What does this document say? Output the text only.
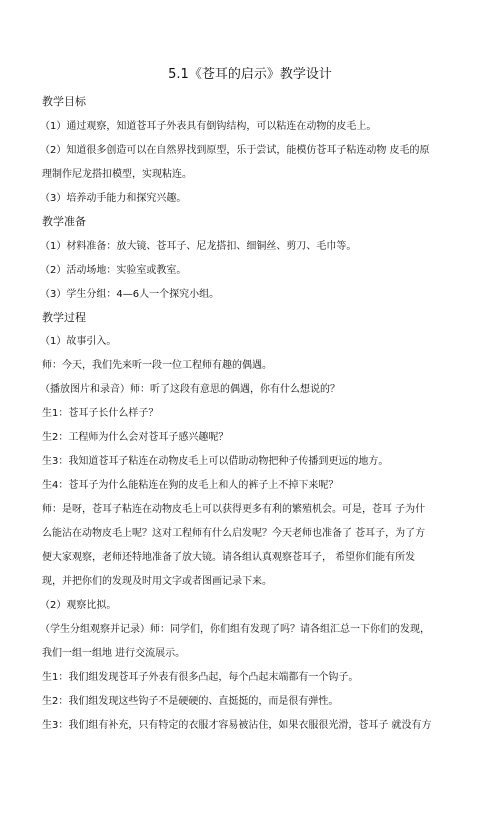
5.1《苍耳的启示》教学设计
教学目标
（1）通过观察，知道苍耳子外表具有倒钩结构，可以粘连在动物的皮毛上。
（2）知道很多创造可以在自然界找到原型，乐于尝试，能模仿苍耳子粘连动物 皮毛的原
理制作尼龙搭扣模型，实现粘连。
（3）培养动手能力和探究兴趣。
教学准备
（1）材料准备：放大镜、苍耳子、尼龙搭扣、细铜丝、剪刀、毛巾等。
（2）活动场地：实验室或教室。
（3）学生分组：4—6人一个探究小组。
教学过程
（1）故事引入。
师：今天，我们先来听一段一位工程师有趣的偶遇。
（播放图片和录音）师：听了这段有意思的偶遇，你有什么想说的？
生1：苍耳子长什么样子？
生2：工程师为什么会对苍耳子感兴趣呢？
生3：我知道苍耳子粘连在动物皮毛上可以借助动物把种子传播到更远的地方。
生4：苍耳子为什么能粘连在狗的皮毛上和人的裤子上不掉下来呢？
师：是呀，苍耳子粘连在动物皮毛上可以获得更多有利的繁殖机会。可是，苍耳 子为什
么能沾在动物皮毛上呢？这对工程师有什么启发呢？今天老师也准备了 苍耳子，为了方
便大家观察，老师还特地准备了放大镜。请各组认真观察苍耳子， 希望你们能有所发
现，并把你们的发现及时用文字或者图画记录下来。
（2）观察比拟。
（学生分组观察并记录）师：同学们，你们组有发现了吗？请各组汇总一下你们的发现，
我们一组一组地 进行交流展示。
生1：我们组发现苍耳子外表有很多凸起，每个凸起末端都有一个钩子。
生2：我们组发现这些钩子不是硬硬的、直挺挺的，而是很有弹性。
生3：我们组有补充，只有特定的衣服才容易被沾住，如果衣服很光滑，苍耳子 就没有方
